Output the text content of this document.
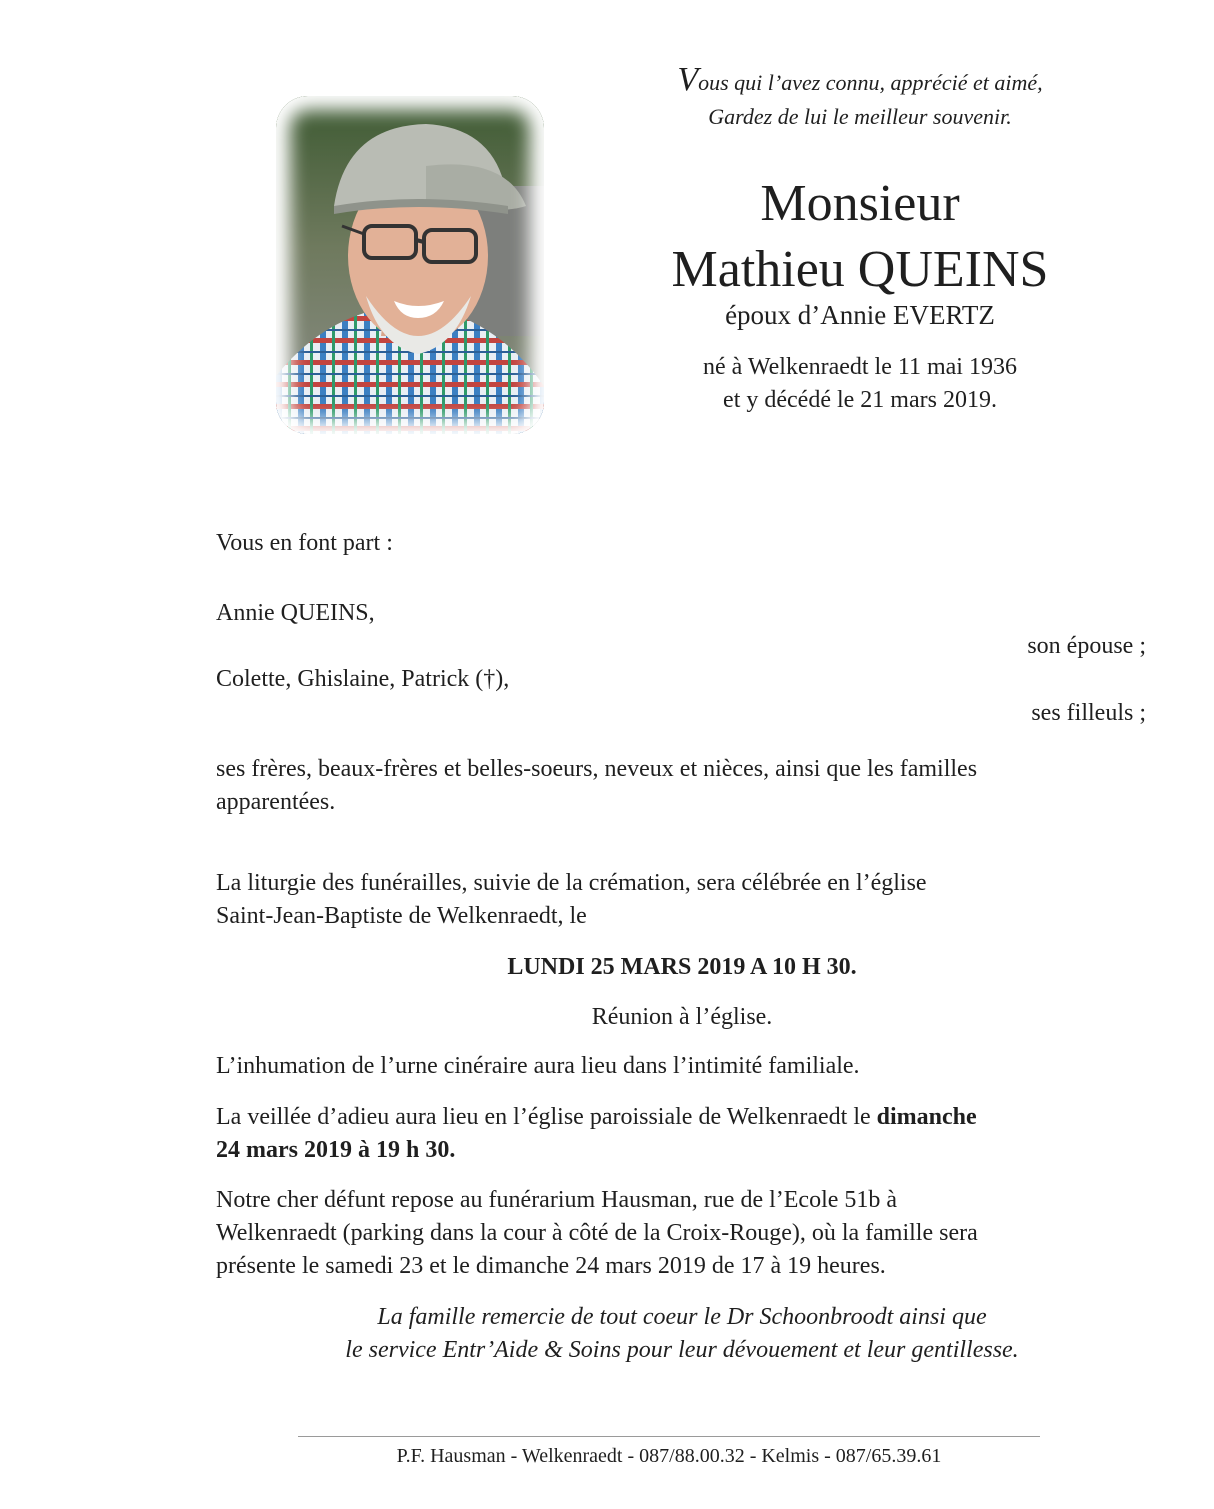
Vous qui l’avez connu, apprécié et aimé,
Gardez de lui le meilleur souvenir.
Monsieur
Mathieu QUEINS
époux d’Annie EVERTZ
né à Welkenraedt le 11 mai 1936
et y décédé le 21 mars 2019.
Vous en font part :
Annie QUEINS,
son épouse ;
Colette, Ghislaine, Patrick (†),
ses filleuls ;
ses frères, beaux-frères et belles-soeurs, neveux et nièces, ainsi que les familles
apparentées.
La liturgie des funérailles, suivie de la crémation, sera célébrée en l’église
Saint-Jean-Baptiste de Welkenraedt, le
LUNDI 25 MARS 2019 A 10 H 30.
Réunion à l’église.
L’inhumation de l’urne cinéraire aura lieu dans l’intimité familiale.
La veillée d’adieu aura lieu en l’église paroissiale de Welkenraedt le dimanche
24 mars 2019 à 19 h 30.
Notre cher défunt repose au funérarium Hausman, rue de l’Ecole 51b à
Welkenraedt (parking dans la cour à côté de la Croix-Rouge), où la famille sera
présente le samedi 23 et le dimanche 24 mars 2019 de 17 à 19 heures.
La famille remercie de tout coeur le Dr Schoonbroodt ainsi que
le service Entr’Aide & Soins pour leur dévouement et leur gentillesse.
P.F. Hausman - Welkenraedt - 087/88.00.32 - Kelmis - 087/65.39.61
